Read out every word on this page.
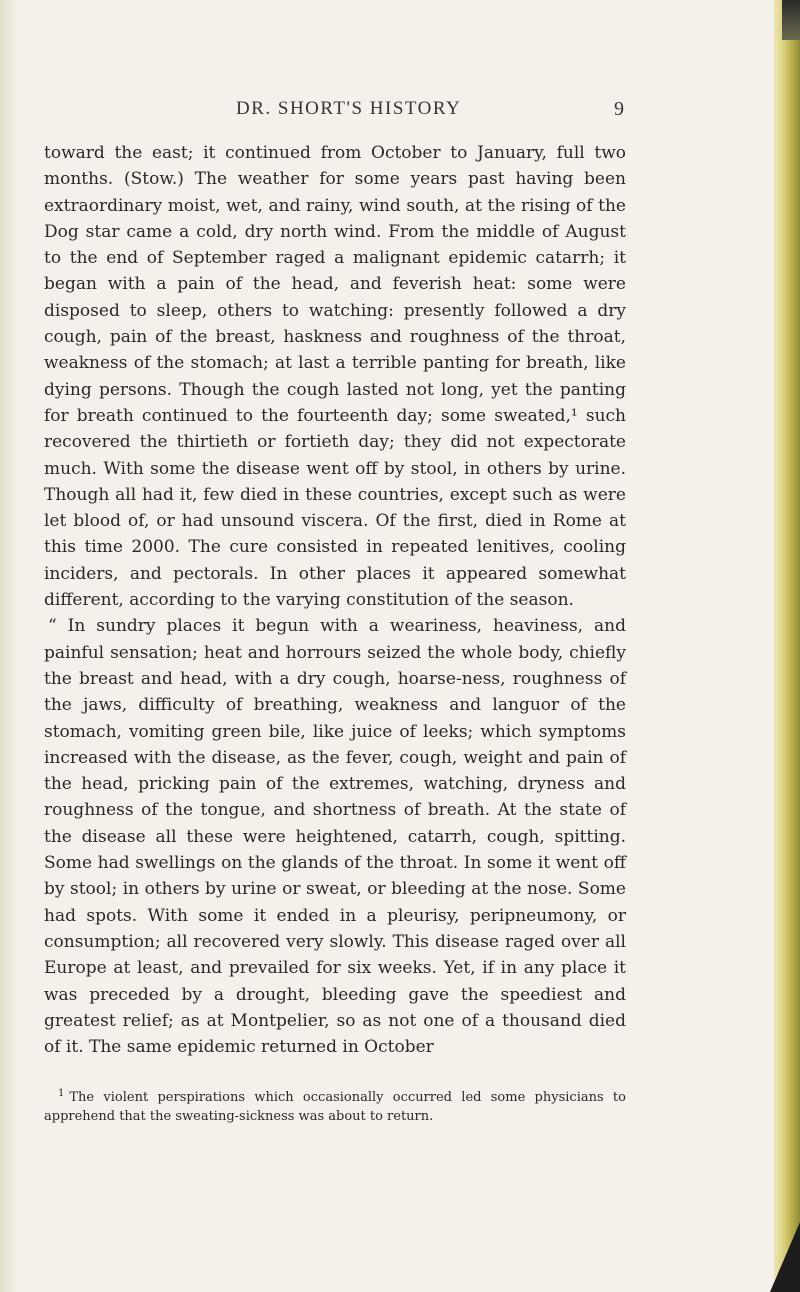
DR. SHORT'S HISTORY	9

toward the east; it continued from October to January, full two months. (Stow.) The weather for some years past having been extraordinary moist, wet, and rainy, wind south, at the rising of the Dog star came a cold, dry north wind. From the middle of August to the end of September raged a malignant epidemic catarrh; it began with a pain of the head, and feverish heat: some were disposed to sleep, others to watching: presently followed a dry cough, pain of the breast, haskness and roughness of the throat, weakness of the stomach; at last a terrible panting for breath, like dying persons. Though the cough lasted not long, yet the panting for breath continued to the fourteenth day; some sweated,¹ such recovered the thirtieth or fortieth day; they did not expectorate much. With some the disease went off by stool, in others by urine. Though all had it, few died in these countries, except such as were let blood of, or had unsound viscera. Of the first, died in Rome at this time 2000. The cure consisted in repeated lenitives, cooling inciders, and pectorals. In other places it appeared somewhat different, according to the varying constitution of the season.

“ In sundry places it begun with a weariness, heaviness, and painful sensation; heat and horrours seized the whole body, chiefly the breast and head, with a dry cough, hoarse-ness, roughness of the jaws, difficulty of breathing, weakness and languor of the stomach, vomiting green bile, like juice of leeks; which symptoms increased with the disease, as the fever, cough, weight and pain of the head, pricking pain of the extremes, watching, dryness and roughness of the tongue, and shortness of breath. At the state of the disease all these were heightened, catarrh, cough, spitting. Some had swellings on the glands of the throat. In some it went off by stool; in others by urine or sweat, or bleeding at the nose. Some had spots. With some it ended in a pleurisy, peripneumony, or consumption; all recovered very slowly. This disease raged over all Europe at least, and prevailed for six weeks. Yet, if in any place it was preceded by a drought, bleeding gave the speediest and greatest relief; as at Montpelier, so as not one of a thousand died of it. The same epidemic returned in October

$^1$ The violent perspirations which occasionally occurred led some physicians to apprehend that the sweating-sickness was about to return.
